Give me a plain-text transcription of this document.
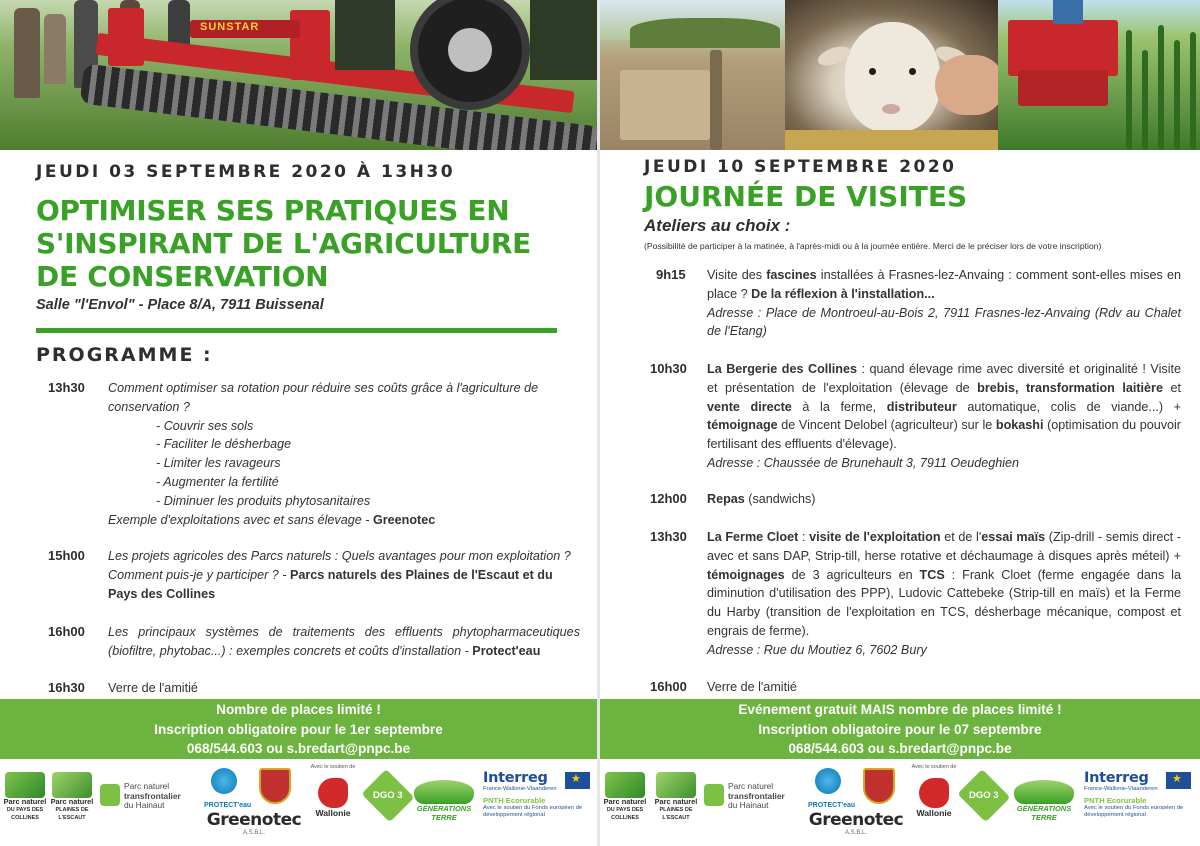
SUNSTAR
JEUDI 03 SEPTEMBRE 2020 À 13H30
OPTIMISER SES PRATIQUES EN S'INSPIRANT DE L'AGRICULTURE DE CONSERVATION
Salle "l'Envol" - Place 8/A, 7911 Buissenal
PROGRAMME :
13h30 Comment optimiser sa rotation pour réduire ses coûts grâce à l'agriculture de conservation ?
- Couvrir ses sols
- Faciliter le désherbage
- Limiter les ravageurs
- Augmenter la fertilité
- Diminuer les produits phytosanitaires
Exemple d'exploitations avec et sans élevage - Greenotec
15h00 Les projets agricoles des Parcs naturels : Quels avantages pour mon exploitation ? Comment puis-je y participer ? - Parcs naturels des Plaines de l'Escaut et du Pays des Collines
16h00 Les principaux systèmes de traitements des effluents phytopharmaceutiques (biofiltre, phytobac...) : exemples concrets et coûts d'installation - Protect'eau
16h30 Verre de l'amitié
Nombre de places limité !
Inscription obligatoire pour le 1er septembre
068/544.603 ou s.bredart@pnpc.be
JEUDI 10 SEPTEMBRE 2020
JOURNÉE DE VISITES
Ateliers au choix :
(Possibilité de participer à la matinée, à l'après-midi ou à la journée entière. Merci de le préciser lors de votre inscription)
9h15 Visite des fascines installées à Frasnes-lez-Anvaing : comment sont-elles mises en place ? De la réflexion à l'installation...
Adresse : Place de Montroeul-au-Bois 2, 7911 Frasnes-lez-Anvaing (Rdv au Chalet de l'Etang)
10h30 La Bergerie des Collines : quand élevage rime avec diversité et originalité ! Visite et présentation de l'exploitation (élevage de brebis, transformation laitière et vente directe à la ferme, distributeur automatique, colis de viande...) + témoignage de Vincent Delobel (agriculteur) sur le bokashi (optimisation du pouvoir fertilisant des effluents d'élevage).
Adresse : Chaussée de Brunehault 3, 7911 Oeudeghien
12h00 Repas (sandwichs)
13h30 La Ferme Cloet : visite de l'exploitation et de l'essai maïs (Zip-drill - semis direct - avec et sans DAP, Strip-till, herse rotative et déchaumage à disques après méteil) + témoignages de 3 agriculteurs en TCS : Frank Cloet (ferme engagée dans la diminution d'utilisation des PPP), Ludovic Cattebeke (Strip-till en maïs) et la Ferme du Harby (transition de l'exploitation en TCS, désherbage mécanique, compost et engrais de ferme).
Adresse : Rue du Moutiez 6, 7602 Bury
16h00 Verre de l'amitié
Evénement gratuit MAIS nombre de places limité !
Inscription obligatoire pour le 07 septembre
068/544.603 ou s.bredart@pnpc.be
Parc naturel
DU PAYS DES COLLINES
Parc naturel
PLAINES DE L'ESCAUT
Parc naturel
transfrontalier
du Hainaut	PROTECT'eau
Greenotec
A.S.B.L.
Avec le soutien de
Wallonie
DGO 3
GÉNÉRATIONS TERRE
Interreg
★
France-Wallonie-Vlaanderen
PNTH Ecorurable
Avec le soutien du Fonds européen de développement régional
Parc naturel
DU PAYS DES COLLINES
Parc naturel
PLAINES DE L'ESCAUT
Parc naturel
transfrontalier
du Hainaut	PROTECT'eau
Greenotec
A.S.B.L.
Avec le soutien de
Wallonie
DGO 3
GÉNÉRATIONS TERRE
Interreg
★
France-Wallonie-Vlaanderen
PNTH Ecorurable
Avec le soutien du Fonds européen de développement régional
